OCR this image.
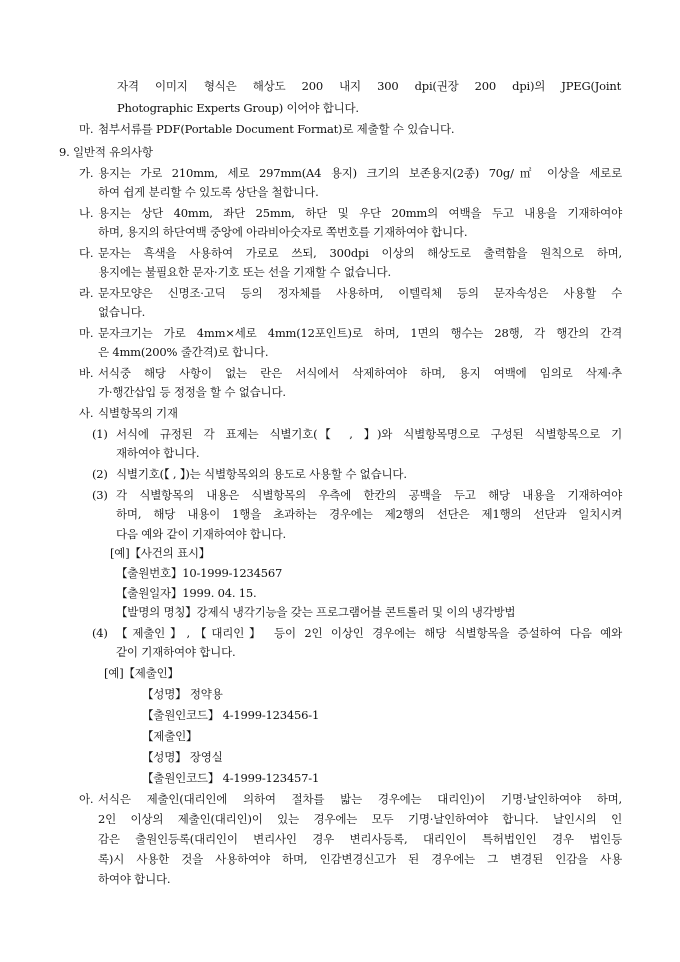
자격 이미지 형식은 해상도 200 내지 300 dpi(권장 200 dpi)의 JPEG(Joint
Photographic Experts Group) 이어야 합니다.
마. 첨부서류를 PDF(Portable Document Format)로 제출할 수 있습니다.
9. 일반적 유의사항
가. 용지는 가로 210mm, 세로 297mm(A4 용지) 크기의 보존용지(2종) 70g/㎡ 이상을 세로로
하여 쉽게 분리할 수 있도록 상단을 철합니다.
나. 용지는 상단 40mm, 좌단 25mm, 하단 및 우단 20mm의 여백을 두고 내용을 기재하여야
하며, 용지의 하단여백 중앙에 아라비아숫자로 쪽번호를 기재하여야 합니다.
다. 문자는 흑색을 사용하여 가로로 쓰되, 300dpi 이상의 해상도로 출력함을 원칙으로 하며,
용지에는 불필요한 문자·기호 또는 선을 기재할 수 없습니다.
라. 문자모양은 신명조·고딕 등의 정자체를 사용하며, 이텔릭체 등의 문자속성은 사용할 수
없습니다.
마. 문자크기는 가로 4mm×세로 4mm(12포인트)로 하며, 1면의 행수는 28행, 각 행간의 간격
은 4mm(200% 줄간격)로 합니다.
바. 서식중 해당 사항이 없는 란은 서식에서 삭제하여야 하며, 용지 여백에 임의로 삭제·추
가·행간삽입 등 정정을 할 수 없습니다.
사. 식별항목의 기재
(1) 서식에 규정된 각 표제는 식별기호(【 , 】)와 식별항목명으로 구성된 식별항목으로 기
재하여야 합니다.
(2) 식별기호(【 , 】)는 식별항목외의 용도로 사용할 수 없습니다.
(3) 각 식별항목의 내용은 식별항목의 우측에 한칸의 공백을 두고 해당 내용을 기재하여야
하며, 해당 내용이 1행을 초과하는 경우에는 제2행의 선단은 제1행의 선단과 일치시켜
다음 예와 같이 기재하여야 합니다.
[예]【사건의 표시】
【출원번호】10-1999-1234567
【출원일자】1999. 04. 15.
【발명의 명칭】강제식 냉각기능을 갖는 프로그램어블 콘트롤러 및 이의 냉각방법
(4) 【제출인】,【대리인】 등이 2인 이상인 경우에는 해당 식별항목을 증설하여 다음 예와
같이 기재하여야 합니다.
[예]【제출인】
【성명】 정약용
【출원인코드】 4-1999-123456-1
【제출인】
【성명】 장영실
【출원인코드】 4-1999-123457-1
아. 서식은 제출인(대리인에 의하여 절차를 밟는 경우에는 대리인)이 기명·날인하여야 하며,
2인 이상의 제출인(대리인)이 있는 경우에는 모두 기명·날인하여야 합니다. 날인시의 인
감은 출원인등록(대리인이 변리사인 경우 변리사등록, 대리인이 특허법인인 경우 법인등
록)시 사용한 것을 사용하여야 하며, 인감변경신고가 된 경우에는 그 변경된 인감을 사용
하여야 합니다.
